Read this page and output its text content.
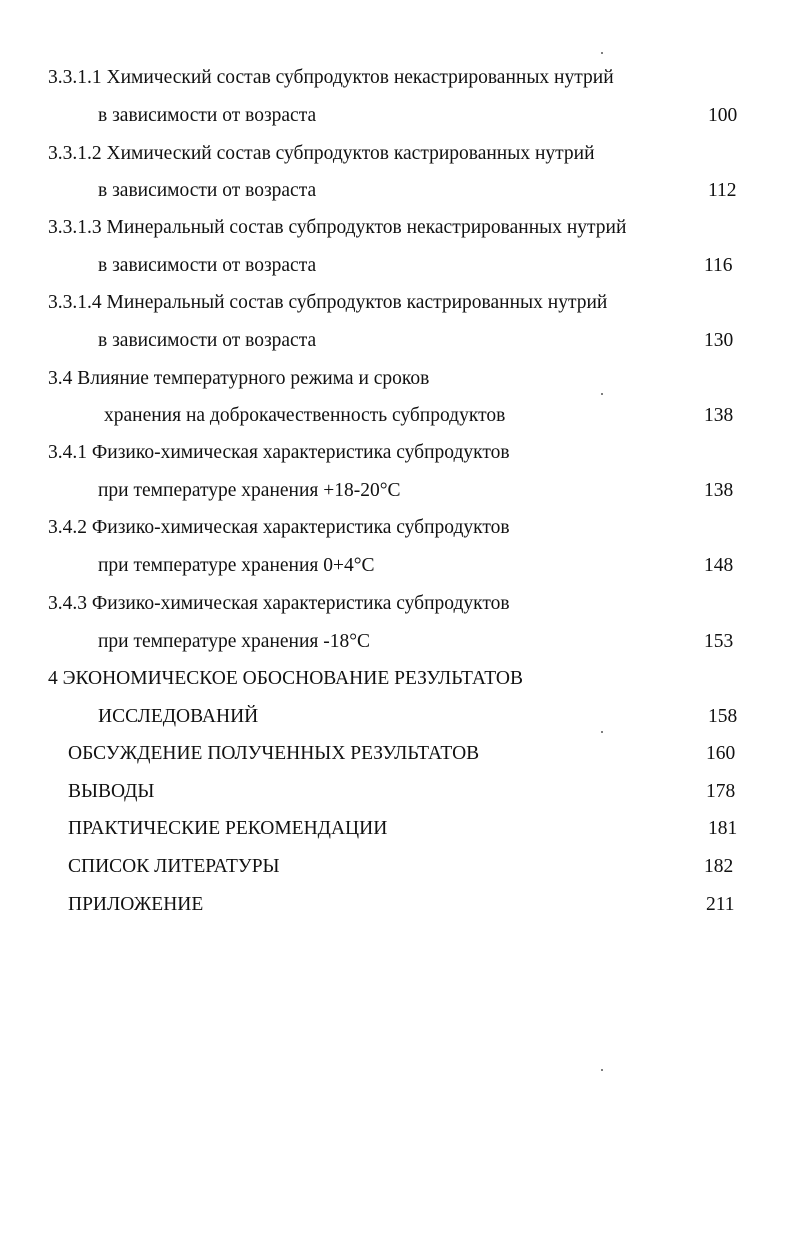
3.3.1.1 Химический состав субпродуктов некастрированных нутрий
в зависимости от возраста	100
3.3.1.2 Химический состав субпродуктов кастрированных нутрий
в зависимости от возраста	112
3.3.1.3 Минеральный состав субпродуктов некастрированных нутрий
в зависимости от возраста	116
3.3.1.4 Минеральный состав субпродуктов кастрированных нутрий
в зависимости от возраста	130
3.4 Влияние температурного режима и сроков
хранения на доброкачественность субпродуктов	138
3.4.1 Физико-химическая характеристика субпродуктов
при температуре хранения +18-20°С	138
3.4.2 Физико-химическая характеристика субпродуктов
при температуре хранения 0+4°С	148
3.4.3 Физико-химическая характеристика субпродуктов
при температуре хранения -18°С	153
4 ЭКОНОМИЧЕСКОЕ ОБОСНОВАНИЕ РЕЗУЛЬТАТОВ
ИССЛЕДОВАНИЙ	158
ОБСУЖДЕНИЕ ПОЛУЧЕННЫХ РЕЗУЛЬТАТОВ	160
ВЫВОДЫ	178
ПРАКТИЧЕСКИЕ РЕКОМЕНДАЦИИ	181
СПИСОК ЛИТЕРАТУРЫ	182
ПРИЛОЖЕНИЕ	211
